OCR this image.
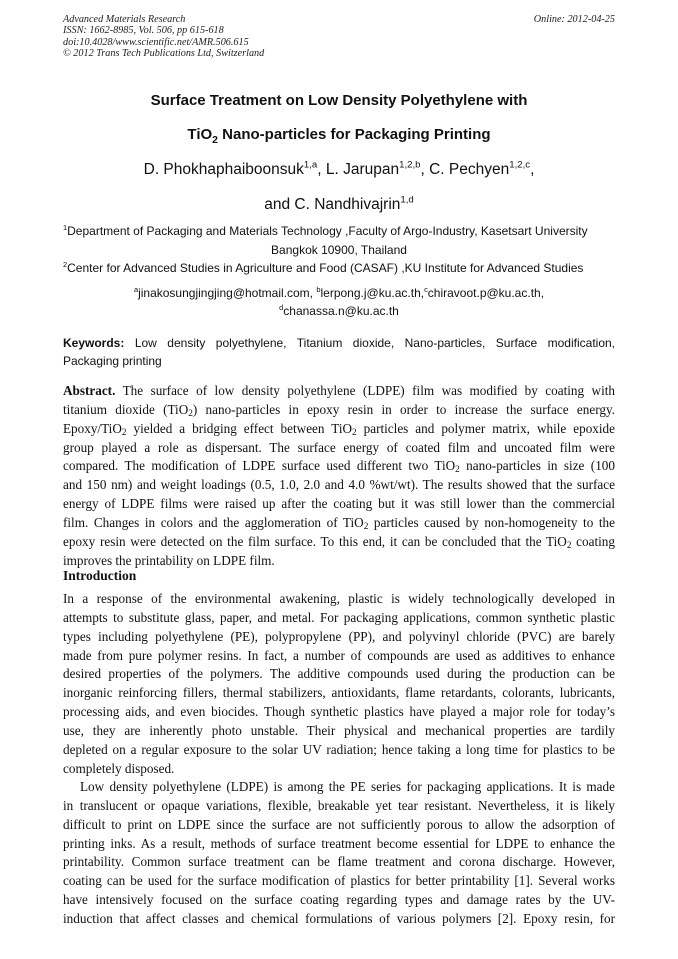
Advanced Materials Research
ISSN: 1662-8985, Vol. 506, pp 615-618
doi:10.4028/www.scientific.net/AMR.506.615
© 2012 Trans Tech Publications Ltd, Switzerland
Online: 2012-04-25
Surface Treatment on Low Density Polyethylene with
TiO$_2$ Nano-particles for Packaging Printing
D. Phokhaphaiboonsuk$^{1,a}$, L. Jarupan$^{1,2,b}$, C. Pechyen$^{1,2,c}$,
and C. Nandhivajrin$^{1,d}$
$^1$Department of Packaging and Materials Technology ,Faculty of Argo-Industry, Kasetsart University
Bangkok 10900, Thailand
$^2$Center for Advanced Studies in Agriculture and Food (CASAF) ,KU Institute for Advanced Studies
$^a$jinakosungjingjing@hotmail.com, $^b$lerpong.j@ku.ac.th,$^c$chiravoot.p@ku.ac.th,
$^d$chanassa.n@ku.ac.th
Keywords: Low density polyethylene, Titanium dioxide, Nano-particles, Surface modification,
Packaging printing
Abstract. The surface of low density polyethylene (LDPE) film was modified by coating with
titanium dioxide (TiO$_2$) nano-particles in epoxy resin in order to increase the surface energy.
Epoxy/TiO$_2$ yielded a bridging effect between TiO$_2$ particles and polymer matrix, while epoxide
group played a role as dispersant. The surface energy of coated film and uncoated film were
compared. The modification of LDPE surface used different two TiO$_2$ nano-particles in size (100
and 150 nm) and weight loadings (0.5, 1.0, 2.0 and 4.0 %wt/wt). The results showed that the surface
energy of LDPE films were raised up after the coating but it was still lower than the commercial
film. Changes in colors and the agglomeration of TiO$_2$ particles caused by non-homogeneity to the
epoxy resin were detected on the film surface. To this end, it can be concluded that the TiO$_2$ coating
improves the printability on LDPE film.
Introduction
In a response of the environmental awakening, plastic is widely technologically developed in
attempts to substitute glass, paper, and metal. For packaging applications, common synthetic plastic
types including polyethylene (PE), polypropylene (PP), and polyvinyl chloride (PVC) are barely
made from pure polymer resins. In fact, a number of compounds are used as additives to enhance
desired properties of the polymers. The additive compounds used during the production can be
inorganic reinforcing fillers, thermal stabilizers, antioxidants, flame retardants, colorants, lubricants,
processing aids, and even biocides. Though synthetic plastics have played a major role for today’s
use, they are inherently photo unstable. Their physical and mechanical properties are tardily
depleted on a regular exposure to the solar UV radiation; hence taking a long time for plastics to be
completely disposed.
Low density polyethylene (LDPE) is among the PE series for packaging applications. It is made
in translucent or opaque variations, flexible, breakable yet tear resistant. Nevertheless, it is likely
difficult to print on LDPE since the surface are not sufficiently porous to allow the adsorption of
printing inks. As a result, methods of surface treatment become essential for LDPE to enhance the
printability. Common surface treatment can be flame treatment and corona discharge. However,
coating can be used for the surface modification of plastics for better printability [1]. Several works
have intensively focused on the surface coating regarding types and damage rates by the UV-
induction that affect classes and chemical formulations of various polymers [2]. Epoxy resin, for
